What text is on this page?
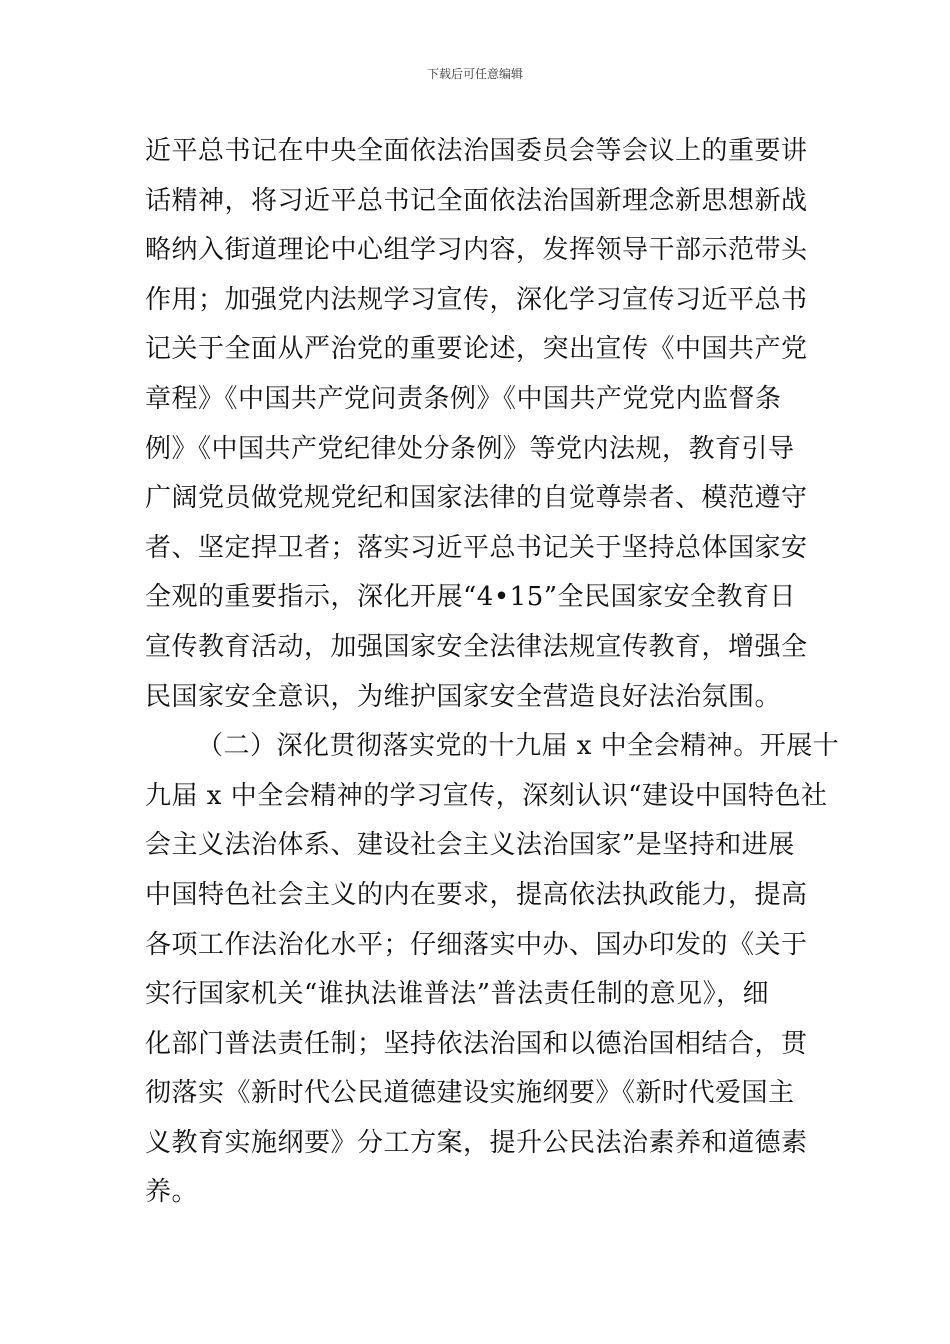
下载后可任意编辑
近平总书记在中央全面依法治国委员会等会议上的重要讲
话精神，将习近平总书记全面依法治国新理念新思想新战
略纳入街道理论中心组学习内容，发挥领导干部示范带头
作用；加强党内法规学习宣传，深化学习宣传习近平总书
记关于全面从严治党的重要论述，突出宣传《中国共产党
章程》《中国共产党问责条例》《中国共产党党内监督条
例》《中国共产党纪律处分条例》等党内法规，教育引导
广阔党员做党规党纪和国家法律的自觉尊崇者、模范遵守
者、坚定捍卫者；落实习近平总书记关于坚持总体国家安
全观的重要指示，深化开展“4•15”全民国家安全教育日
宣传教育活动，加强国家安全法律法规宣传教育，增强全
民国家安全意识，为维护国家安全营造良好法治氛围。
（二）深化贯彻落实党的十九届 x 中全会精神。开展十
九届 x 中全会精神的学习宣传，深刻认识“建设中国特色社
会主义法治体系、建设社会主义法治国家”是坚持和进展
中国特色社会主义的内在要求，提高依法执政能力，提高
各项工作法治化水平；仔细落实中办、国办印发的《关于
实行国家机关“谁执法谁普法”普法责任制的意见》，细
化部门普法责任制；坚持依法治国和以德治国相结合，贯
彻落实《新时代公民道德建设实施纲要》《新时代爱国主
义教育实施纲要》分工方案，提升公民法治素养和道德素
养。
